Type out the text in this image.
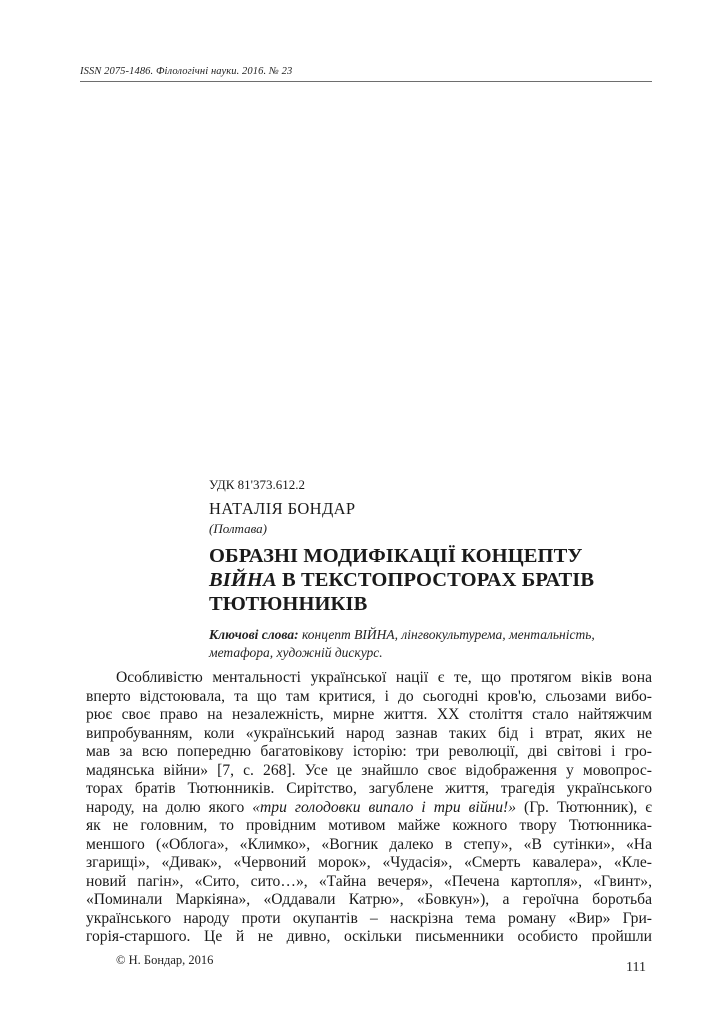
ISSN 2075-1486. Філологічні науки. 2016. № 23
УДК 81'373.612.2
НАТАЛІЯ БОНДАР
(Полтава)
ОБРАЗНІ МОДИФІКАЦІЇ КОНЦЕПТУ
ВІЙНА В ТЕКСТОПРОСТОРАХ БРАТІВ
ТЮТЮННИКІВ
Ключові слова: концепт ВІЙНА, лінгвокультурема, ментальність, метафора, художній дискурс.
Особливістю ментальності української нації є те, що протягом віків вона
вперто відстоювала, та що там критися, і до сьогодні кров'ю, сльозами вибо-
рює своє право на незалежність, мирне життя. XX століття стало найтяжчим
випробуванням, коли «український народ зазнав таких бід і втрат, яких не
мав за всю попередню багатовікову історію: три революції, дві світові і гро-
мадянська війни» [7, с. 268]. Усе це знайшло своє відображення у мовопрос-
торах братів Тютюнників. Сирітство, загублене життя, трагедія українського
народу, на долю якого «три голодовки випало і три війни!» (Гр. Тютюнник), є
як не головним, то провідним мотивом майже кожного твору Тютюнника-
меншого («Облога», «Климко», «Вогник далеко в степу», «В сутінки», «На
згарищі», «Дивак», «Червоний морок», «Чудасія», «Смерть кавалера», «Кле-
новий пагін», «Сито, сито…», «Тайна вечеря», «Печена картопля», «Гвинт»,
«Поминали Маркіяна», «Оддавали Катрю», «Бовкун»), а героїчна боротьба
українського народу проти окупантів – наскрізна тема роману «Вир» Гри-
горія-старшого. Це й не дивно, оскільки письменники особисто пройшли
© Н. Бондар, 2016	111
